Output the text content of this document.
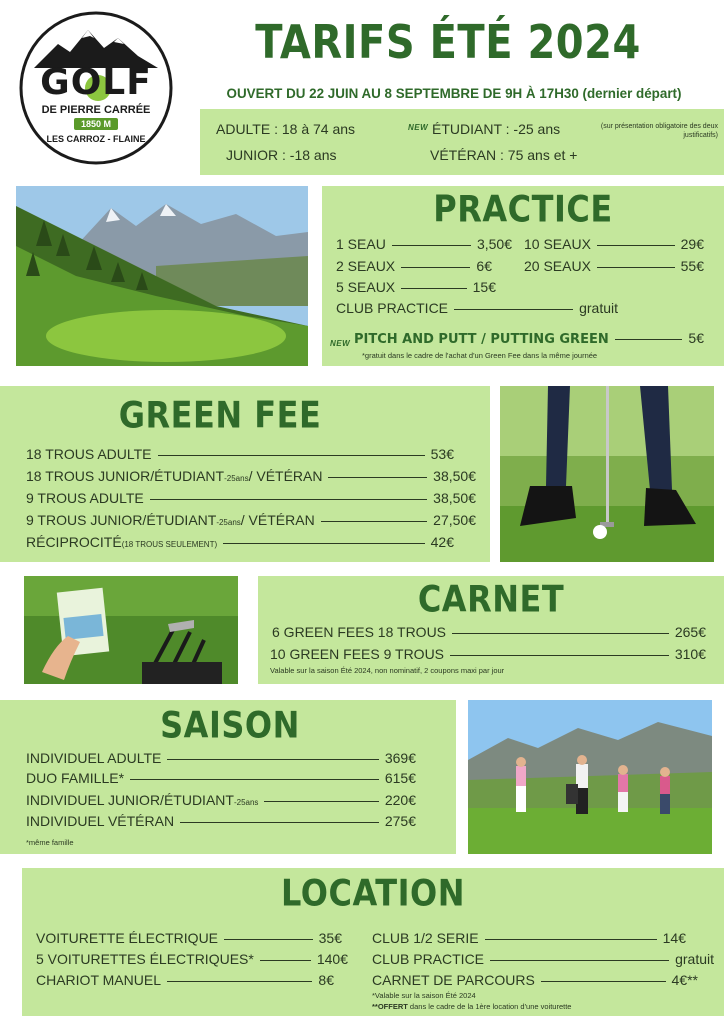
GOLF
DE PIERRE CARRÉE
1850 M
LES CARROZ - FLAINE
TARIFS ÉTÉ 2024
OUVERT DU 22 JUIN AU 8 SEPTEMBRE DE 9H À 17H30 (dernier départ)
ADULTE : 18 à 74 ans
JUNIOR : -18 ans
NEW ÉTUDIANT : -25 ans	(sur présentation obligatoire des deux justificatifs)
VÉTÉRAN : 75 ans et +
PRACTICE
1 SEAU	3,50€
2 SEAUX	6€
5 SEAUX	15€
10 SEAUX	29€
20 SEAUX	55€
CLUB PRACTICE	gratuit
NEW PITCH AND PUTT / PUTTING GREEN	5€
*gratuit dans le cadre de l'achat d'un Green Fee dans la même journée
GREEN FEE
18 TROUS ADULTE	53€
18 TROUS JUNIOR/ÉTUDIANT -25ans / VÉTÉRAN	38,50€
9 TROUS ADULTE	38,50€
9 TROUS JUNIOR/ÉTUDIANT -25ans / VÉTÉRAN	27,50€
RÉCIPROCITÉ (18 TROUS SEULEMENT)	42€
CARNET
6 GREEN FEES 18 TROUS	265€
10 GREEN FEES 9 TROUS	310€
Valable sur la saison Été 2024, non nominatif, 2 coupons maxi par jour
SAISON
INDIVIDUEL ADULTE	369€
DUO FAMILLE*	615€
INDIVIDUEL JUNIOR/ÉTUDIANT -25ans	220€
INDIVIDUEL VÉTÉRAN	275€
*même famille
LOCATION
VOITURETTE ÉLECTRIQUE	35€
5 VOITURETTES ÉLECTRIQUES*	140€
CHARIOT MANUEL	8€
CLUB 1/2 SERIE	14€
CLUB PRACTICE	gratuit
CARNET DE PARCOURS	4€**
*Valable sur la saison Été 2024
**OFFERT dans le cadre de la 1ère location d'une voiturette
